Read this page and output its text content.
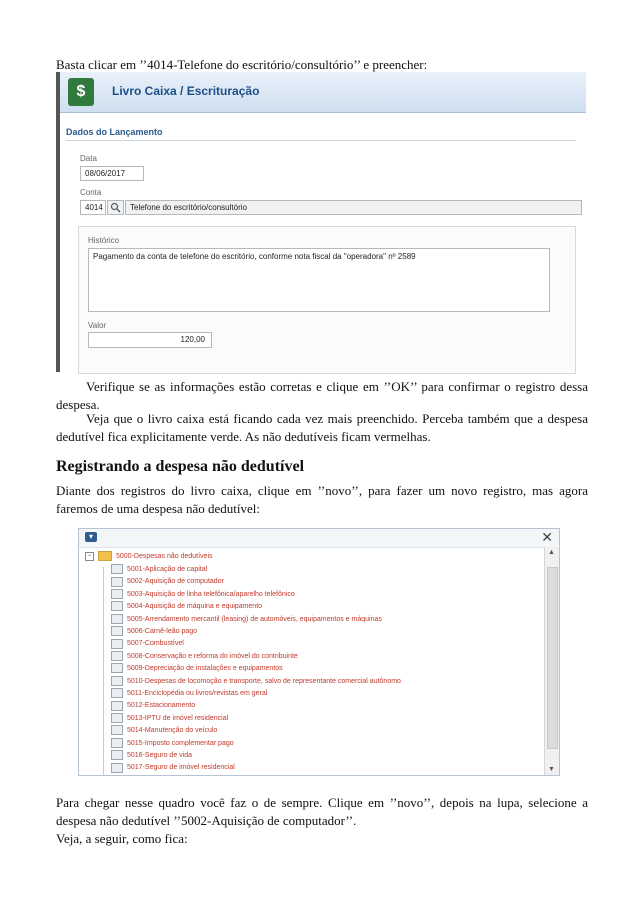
Basta clicar em ’’4014-Telefone do escritório/consultório’’ e preencher:
$	Livro Caixa / Escrituração
Dados do Lançamento
Data
08/06/2017
Conta
4014	Telefone do escritório/consultório
Histórico
Pagamento da conta de telefone do escritório, conforme nota fiscal da "operadora" nº 2589
Valor
120,00
Verifique se as informações estão corretas e clique em ’’OK’’ para confirmar o registro dessa despesa.
Veja que o livro caixa está ficando cada vez mais preenchido. Perceba também que a despesa dedutível fica explicitamente verde. As não dedutíveis ficam vermelhas.
Registrando a despesa não dedutível
Diante dos registros do livro caixa, clique em ’’novo’’, para fazer um novo registro, mas agora faremos de uma despesa não dedutível:
▾	✕
−	5000-Despesas não dedutíveis
5001-Aplicação de capital
5002-Aquisição de computador
5003-Aquisição de linha telefônica/aparelho telefônico
5004-Aquisição de máquina e equipamento
5005-Arrendamento mercantil (leasing) de automóveis, equipamentos e máquinas
5006-Carnê-leão pago
5007-Combustível
5008-Conservação e reforma do imóvel do contribuinte
5009-Depreciação de instalações e equipamentos
5010-Despesas de locomoção e transporte, salvo de representante comercial autônomo
5011-Enciclopédia ou livros/revistas em geral
5012-Estacionamento
5013-IPTU de imóvel residencial
5014-Manutenção do veículo
5015-Imposto complementar pago
5016-Seguro de vida
5017-Seguro de imóvel residencial
▲
▼
Para chegar nesse quadro você faz o de sempre. Clique em ’’novo’’, depois na lupa, selecione a despesa não dedutível ’’5002-Aquisição de computador’’.
Veja, a seguir, como fica:
